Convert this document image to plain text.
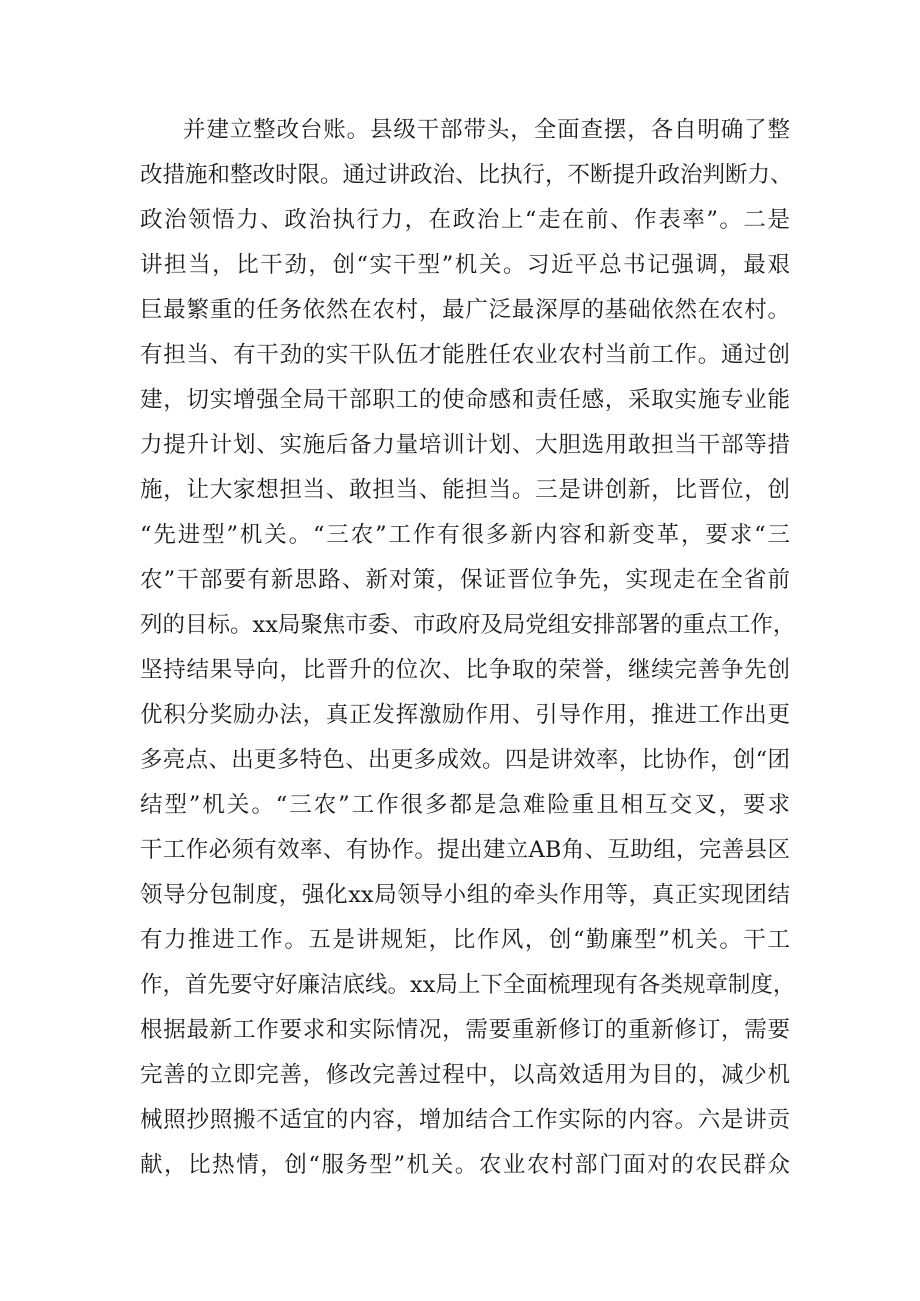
并建立整改台账。县级干部带头，全面查摆，各自明确了整
改措施和整改时限。通过讲政治、比执行，不断提升政治判断力、
政治领悟力、政治执行力，在政治上“走在前、作表率”。二是
讲担当，比干劲，创“实干型”机关。习近平总书记强调，最艰
巨最繁重的任务依然在农村，最广泛最深厚的基础依然在农村。
有担当、有干劲的实干队伍才能胜任农业农村当前工作。通过创
建，切实增强全局干部职工的使命感和责任感，采取实施专业能
力提升计划、实施后备力量培训计划、大胆选用敢担当干部等措
施，让大家想担当、敢担当、能担当。三是讲创新，比晋位，创
“先进型”机关。“三农”工作有很多新内容和新变革，要求“三
农”干部要有新思路、新对策，保证晋位争先，实现走在全省前
列的目标。xx局聚焦市委、市政府及局党组安排部署的重点工作，
坚持结果导向，比晋升的位次、比争取的荣誉，继续完善争先创
优积分奖励办法，真正发挥激励作用、引导作用，推进工作出更
多亮点、出更多特色、出更多成效。四是讲效率，比协作，创“团
结型”机关。“三农”工作很多都是急难险重且相互交叉，要求
干工作必须有效率、有协作。提出建立AB角、互助组，完善县区
领导分包制度，强化xx局领导小组的牵头作用等，真正实现团结
有力推进工作。五是讲规矩，比作风，创“勤廉型”机关。干工
作，首先要守好廉洁底线。xx局上下全面梳理现有各类规章制度，
根据最新工作要求和实际情况，需要重新修订的重新修订，需要
完善的立即完善，修改完善过程中，以高效适用为目的，减少机
械照抄照搬不适宜的内容，增加结合工作实际的内容。六是讲贡
献，比热情，创“服务型”机关。农业农村部门面对的农民群众
